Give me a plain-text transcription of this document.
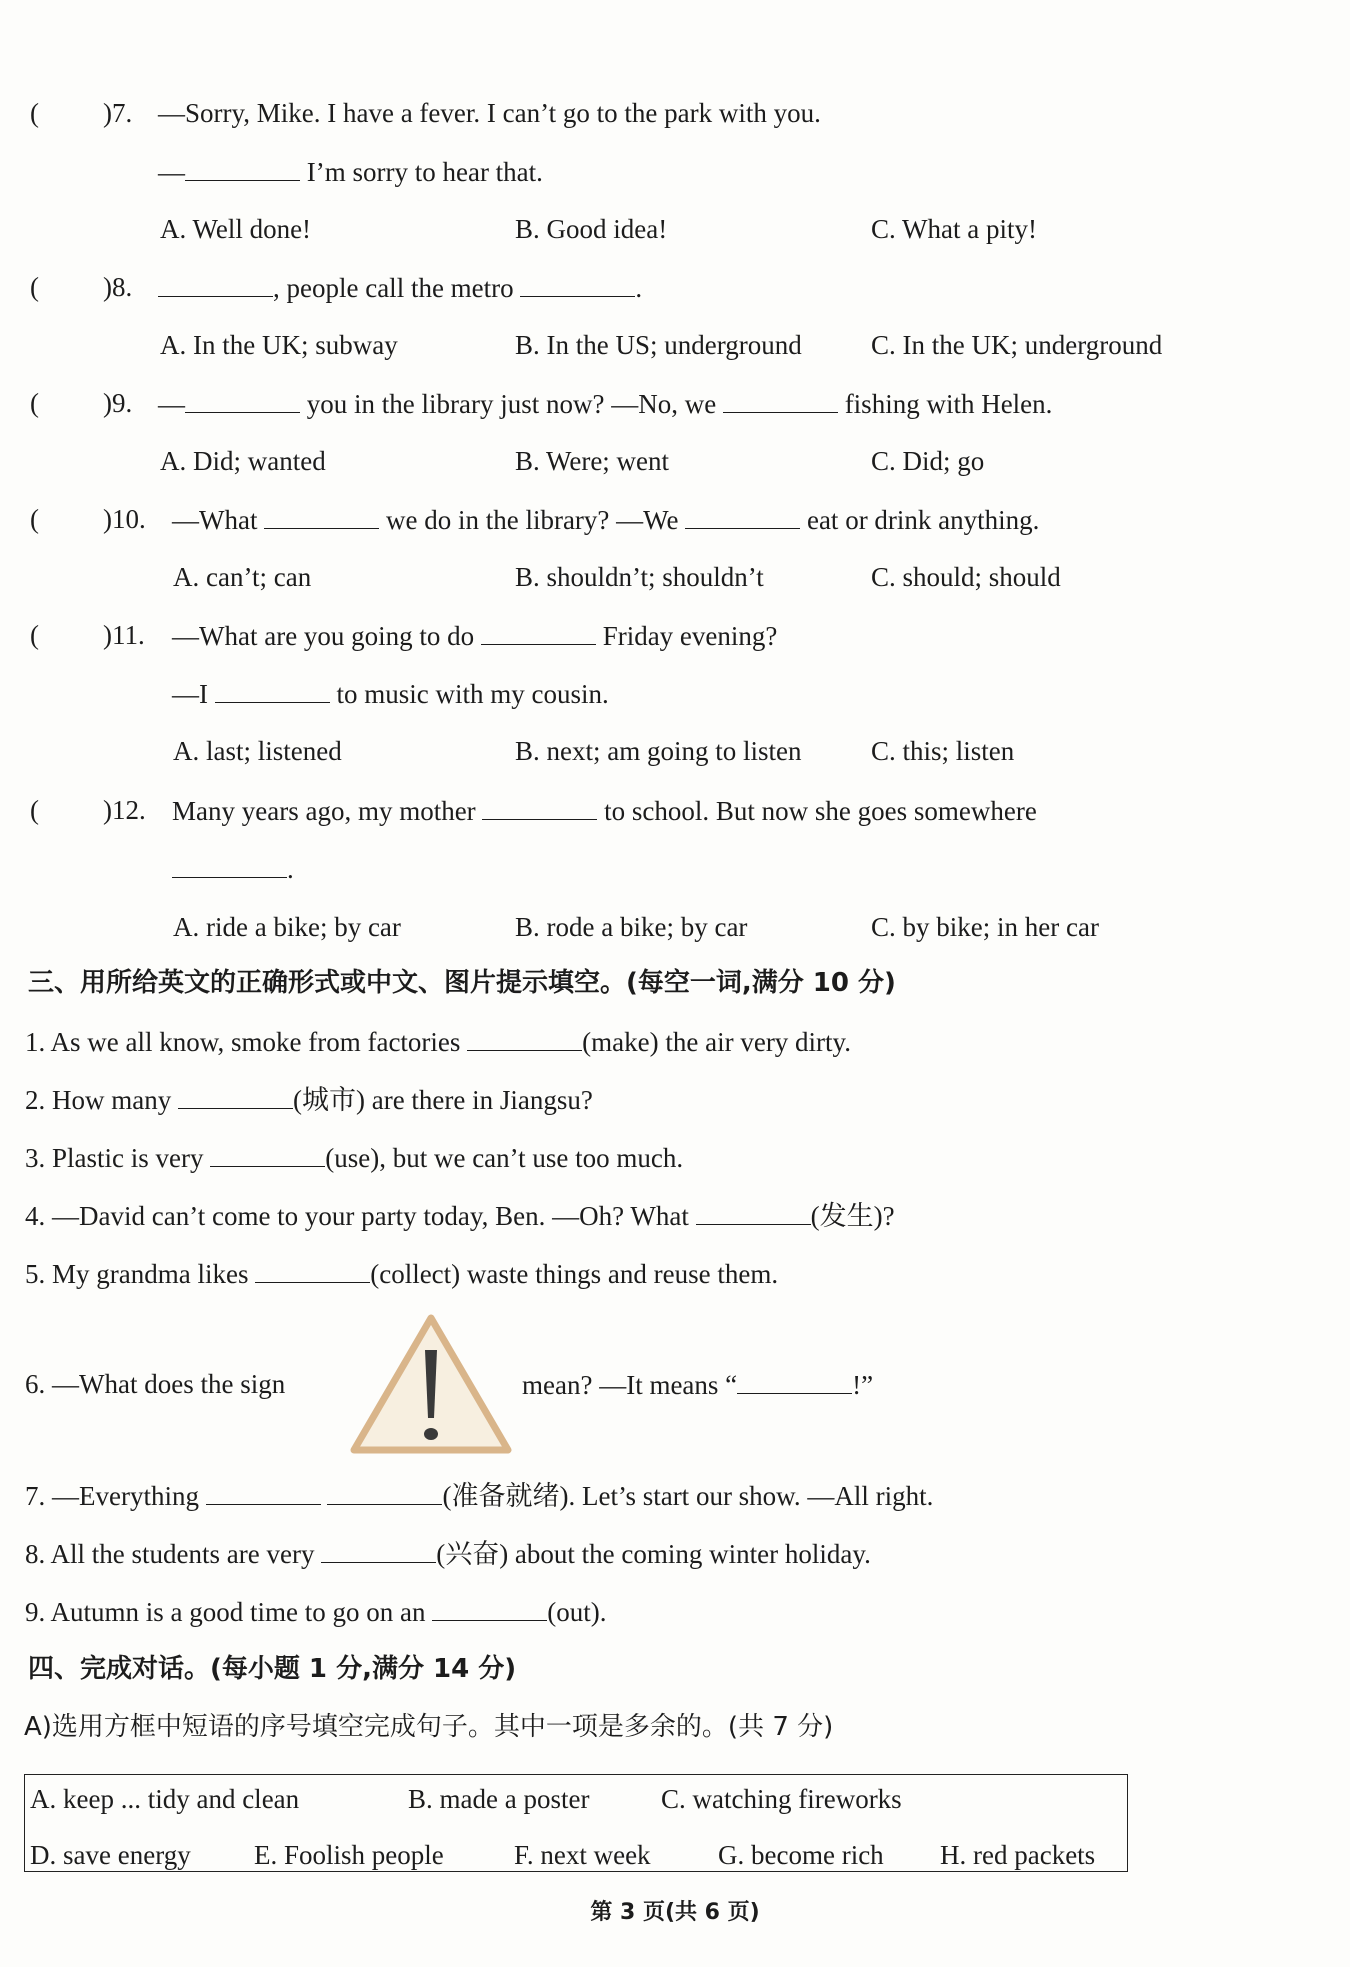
( )7. —Sorry, Mike. I have a fever. I can’t go to the park with you.
—	I’m sorry to hear that.
A. Well done!	B. Good idea!	C. What a pity!
( )8.	, people call the metro	.
A. In the UK; subway	B. In the US; underground	C. In the UK; underground
( )9. —	you in the library just now? —No, we	fishing with Helen.
A. Did; wanted	B. Were; went	C. Did; go
( )10. —What	we do in the library? —We	eat or drink anything.
A. can’t; can	B. shouldn’t; shouldn’t	C. should; should
( )11. —What are you going to do	Friday evening?
—I	to music with my cousin.
A. last; listened	B. next; am going to listen	C. this; listen
( )12. Many years ago, my mother	to school. But now she goes somewhere
.
A. ride a bike; by car	B. rode a bike; by car	C. by bike; in her car
三、用所给英文的正确形式或中文、图片提示填空。(每空一词,满分 10 分)
1. As we all know, smoke from factories	(make) the air very dirty.
2. How many	(城市) are there in Jiangsu?
3. Plastic is very	(use), but we can’t use too much.
4. —David can’t come to your party today, Ben. —Oh? What	(发生)?
5. My grandma likes	(collect) waste things and reuse them.
6. —What does the sign	mean? —It means “	!”
7. —Everything	(准备就绪). Let’s start our show. —All right.
8. All the students are very	(兴奋) about the coming winter holiday.
9. Autumn is a good time to go on an	(out).
四、完成对话。(每小题 1 分,满分 14 分)
A)选用方框中短语的序号填空完成句子。其中一项是多余的。(共 7 分)
A. keep ... tidy and clean	B. made a poster	C. watching fireworks
D. save energy E. Foolish people	F. next week G. become rich H. red packets
第 3 页(共 6 页)
